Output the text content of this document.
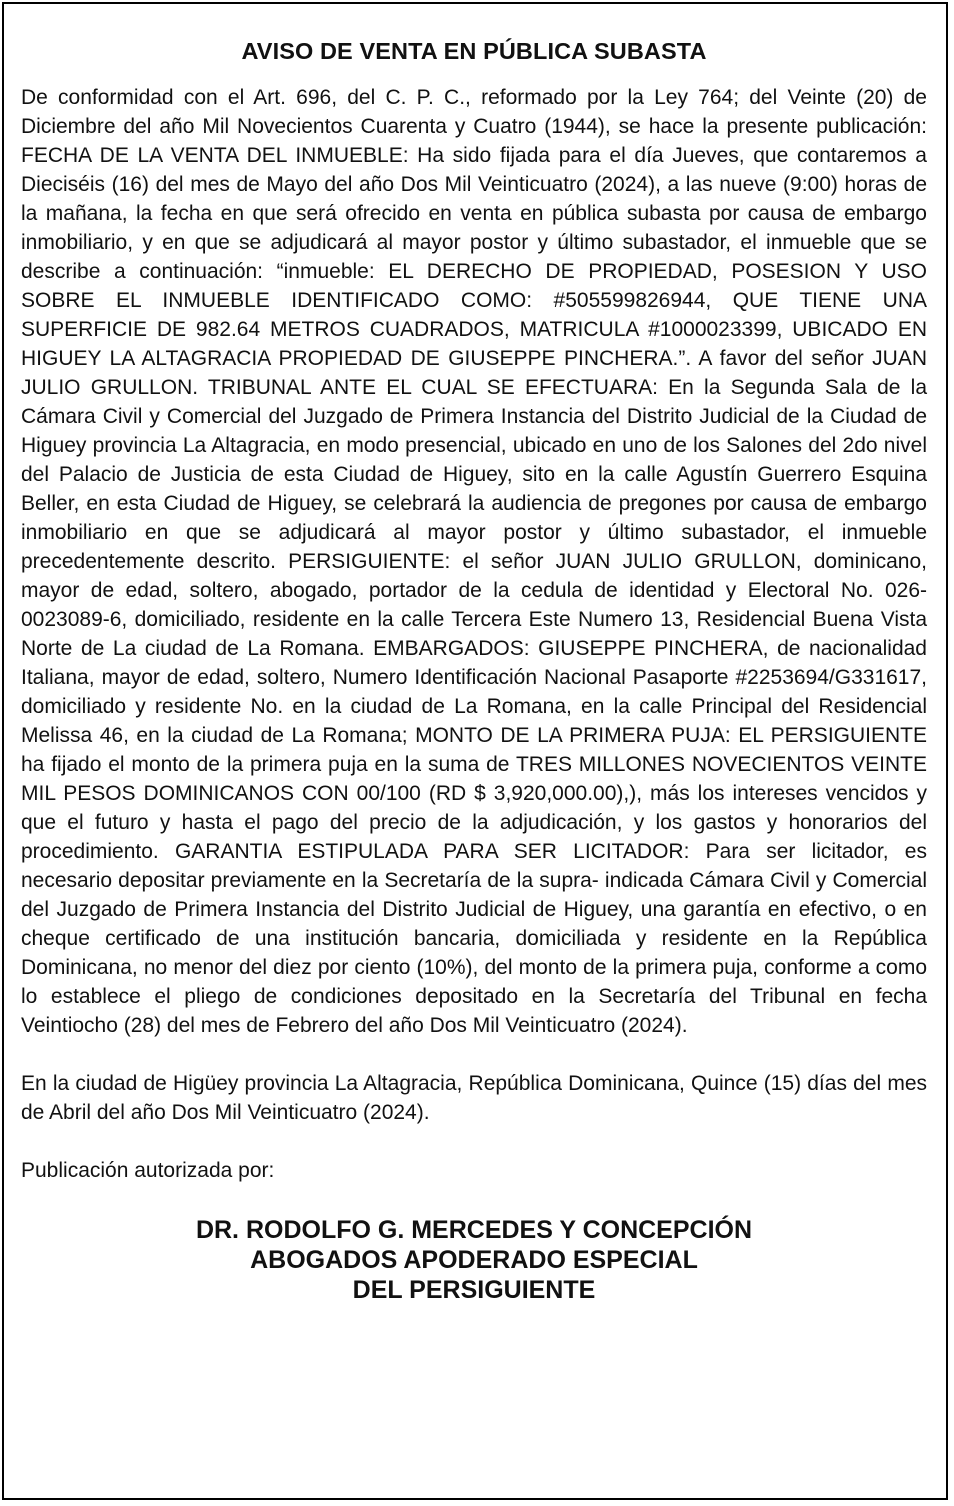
AVISO DE VENTA EN PÚBLICA SUBASTA

De conformidad con el Art. 696, del C. P. C., reformado por la Ley 764; del Veinte (20) de Diciembre del año Mil Novecientos Cuarenta y Cuatro (1944), se hace la presente publicación: FECHA DE LA VENTA DEL INMUEBLE: Ha sido fijada para el día Jueves, que contaremos a Dieciséis (16) del mes de Mayo del año Dos Mil Veinticuatro (2024), a las nueve (9:00) horas de la mañana, la fecha en que será ofrecido en venta en pública subasta por causa de embargo inmobiliario, y en que se adjudicará al mayor postor y último subastador, el inmueble que se describe a continuación: “inmueble: EL DERECHO DE PROPIEDAD, POSESION Y USO SOBRE EL INMUEBLE IDENTIFICADO COMO: #505599826944, QUE TIENE UNA SUPERFICIE DE 982.64 METROS CUADRADOS, MATRICULA #1000023399, UBICADO EN HIGUEY LA ALTAGRACIA PROPIEDAD DE GIUSEPPE PINCHERA.”. A favor del señor JUAN JULIO GRULLON. TRIBUNAL ANTE EL CUAL SE EFECTUARA: En la Segunda Sala de la Cámara Civil y Comercial del Juzgado de Primera Instancia del Distrito Judicial de la Ciudad de Higuey provincia La Altagracia, en modo presencial, ubicado en uno de los Salones del 2do nivel del Palacio de Justicia de esta Ciudad de Higuey, sito en la calle Agustín Guerrero Esquina Beller, en esta Ciudad de Higuey, se celebrará la audiencia de pregones por causa de embargo inmobiliario en que se adjudicará al mayor postor y último subastador, el inmueble precedentemente descrito. PERSIGUIENTE: el señor JUAN JULIO GRULLON, dominicano, mayor de edad, soltero, abogado, portador de la cedula de identidad y Electoral No. 026-0023089-6, domiciliado, residente en la calle Tercera Este Numero 13, Residencial Buena Vista Norte de La ciudad de La Romana. EMBARGADOS: GIUSEPPE PINCHERA, de nacionalidad Italiana, mayor de edad, soltero, Numero Identificación Nacional Pasaporte #2253694/G331617, domiciliado y residente No. en la ciudad de La Romana, en la calle Principal del Residencial Melissa 46, en la ciudad de La Romana; MONTO DE LA PRIMERA PUJA: EL PERSIGUIENTE ha fijado el monto de la primera puja en la suma de TRES MILLONES NOVECIENTOS VEINTE MIL PESOS DOMINICANOS CON 00/100 (RD $ 3,920,000.00),), más los intereses vencidos y que el futuro y hasta el pago del precio de la adjudicación, y los gastos y honorarios del procedimiento. GARANTIA ESTIPULADA PARA SER LICITADOR: Para ser licitador, es necesario depositar previamente en la Secretaría de la supra- indicada Cámara Civil y Comercial del Juzgado de Primera Instancia del Distrito Judicial de Higuey, una garantía en efectivo, o en cheque certificado de una institución bancaria, domiciliada y residente en la República Dominicana, no menor del diez por ciento (10%), del monto de la primera puja, conforme a como lo establece el pliego de condiciones depositado en la Secretaría del Tribunal en fecha Veintiocho (28) del mes de Febrero del año Dos Mil Veinticuatro (2024).

En la ciudad de Higüey provincia La Altagracia, República Dominicana, Quince (15) días del mes de Abril del año Dos Mil Veinticuatro (2024).

Publicación autorizada por:

DR. RODOLFO G. MERCEDES Y CONCEPCIÓN
ABOGADOS APODERADO ESPECIAL
DEL PERSIGUIENTE
